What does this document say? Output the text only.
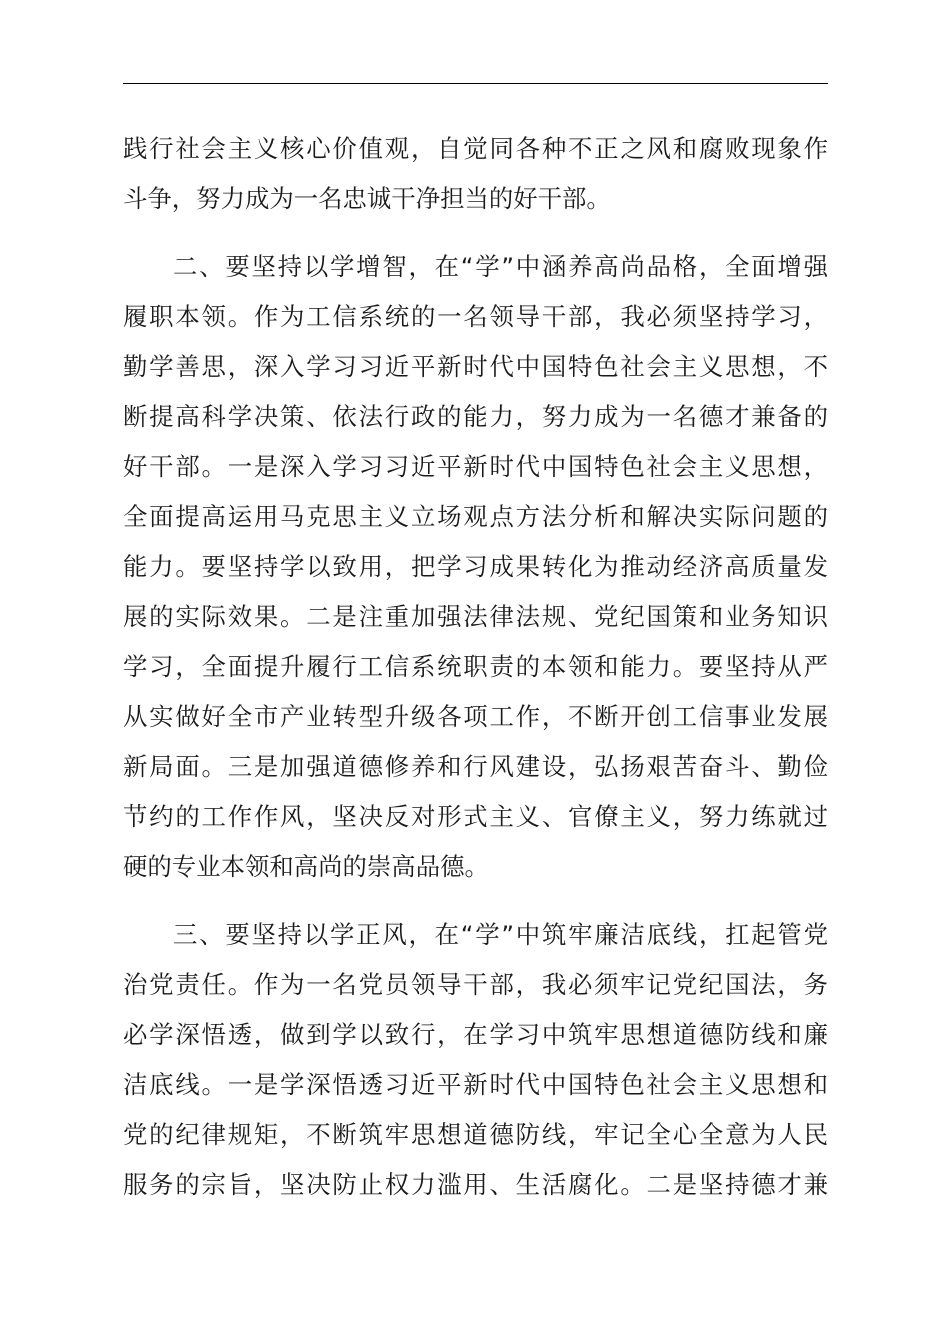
践行社会主义核心价值观，自觉同各种不正之风和腐败现象作
斗争，努力成为一名忠诚干净担当的好干部。
二、要坚持以学增智，在“学”中涵养高尚品格，全面增强
履职本领。作为工信系统的一名领导干部，我必须坚持学习，
勤学善思，深入学习习近平新时代中国特色社会主义思想，不
断提高科学决策、依法行政的能力，努力成为一名德才兼备的
好干部。一是深入学习习近平新时代中国特色社会主义思想，
全面提高运用马克思主义立场观点方法分析和解决实际问题的
能力。要坚持学以致用，把学习成果转化为推动经济高质量发
展的实际效果。二是注重加强法律法规、党纪国策和业务知识
学习，全面提升履行工信系统职责的本领和能力。要坚持从严
从实做好全市产业转型升级各项工作，不断开创工信事业发展
新局面。三是加强道德修养和行风建设，弘扬艰苦奋斗、勤俭
节约的工作作风，坚决反对形式主义、官僚主义，努力练就过
硬的专业本领和高尚的崇高品德。
三、要坚持以学正风，在“学”中筑牢廉洁底线，扛起管党
治党责任。作为一名党员领导干部，我必须牢记党纪国法，务
必学深悟透，做到学以致行，在学习中筑牢思想道德防线和廉
洁底线。一是学深悟透习近平新时代中国特色社会主义思想和
党的纪律规矩，不断筑牢思想道德防线，牢记全心全意为人民
服务的宗旨，坚决防止权力滥用、生活腐化。二是坚持德才兼
